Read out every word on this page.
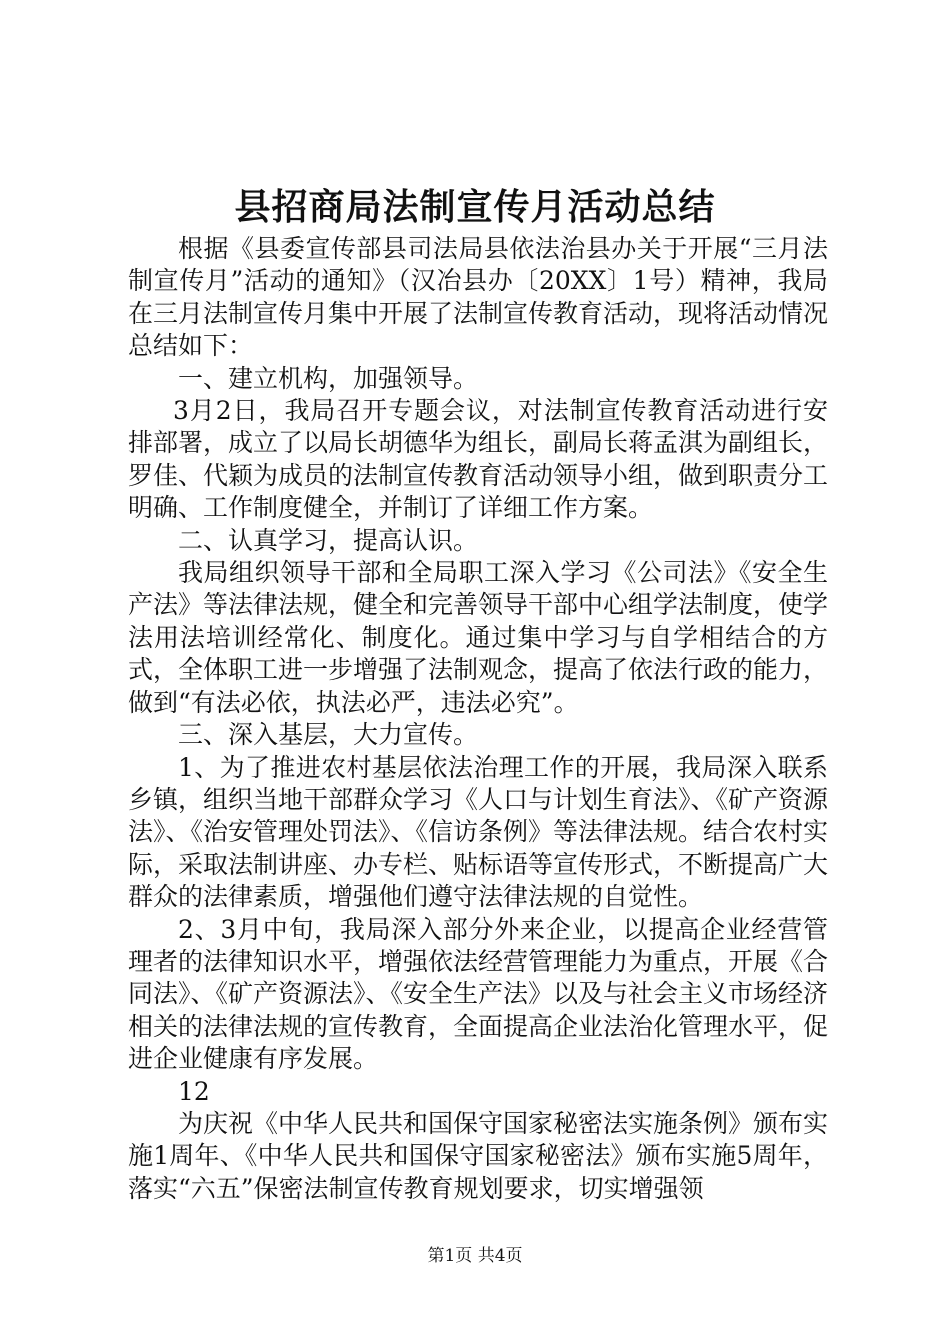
县招商局法制宣传月活动总结

根据《县委宣传部县司法局县依法治县办关于开展“三月法制宣传月”活动的通知》（汉冶县办〔20XX〕1号）精神，我局在三月法制宣传月集中开展了法制宣传教育活动，现将活动情况总结如下：

一、建立机构，加强领导。

3月2日，我局召开专题会议，对法制宣传教育活动进行安排部署，成立了以局长胡德华为组长，副局长蒋孟淇为副组长，罗佳、代颖为成员的法制宣传教育活动领导小组，做到职责分工明确、工作制度健全，并制订了详细工作方案。

二、认真学习，提高认识。

我局组织领导干部和全局职工深入学习《公司法》《安全生产法》等法律法规，健全和完善领导干部中心组学法制度，使学法用法培训经常化、制度化。通过集中学习与自学相结合的方式，全体职工进一步增强了法制观念，提高了依法行政的能力，做到“有法必依，执法必严，违法必究”。

三、深入基层，大力宣传。

1、为了推进农村基层依法治理工作的开展，我局深入联系乡镇，组织当地干部群众学习《人口与计划生育法》、《矿产资源法》、《治安管理处罚法》、《信访条例》等法律法规。结合农村实际，采取法制讲座、办专栏、贴标语等宣传形式，不断提高广大群众的法律素质，增强他们遵守法律法规的自觉性。

2、3月中旬，我局深入部分外来企业，以提高企业经营管理者的法律知识水平，增强依法经营管理能力为重点，开展《合同法》、《矿产资源法》、《安全生产法》以及与社会主义市场经济相关的法律法规的宣传教育，全面提高企业法治化管理水平，促进企业健康有序发展。

12

为庆祝《中华人民共和国保守国家秘密法实施条例》颁布实施1周年、《中华人民共和国保守国家秘密法》颁布实施5周年，落实“六五”保密法制宣传教育规划要求，切实增强领

第1页 共4页
